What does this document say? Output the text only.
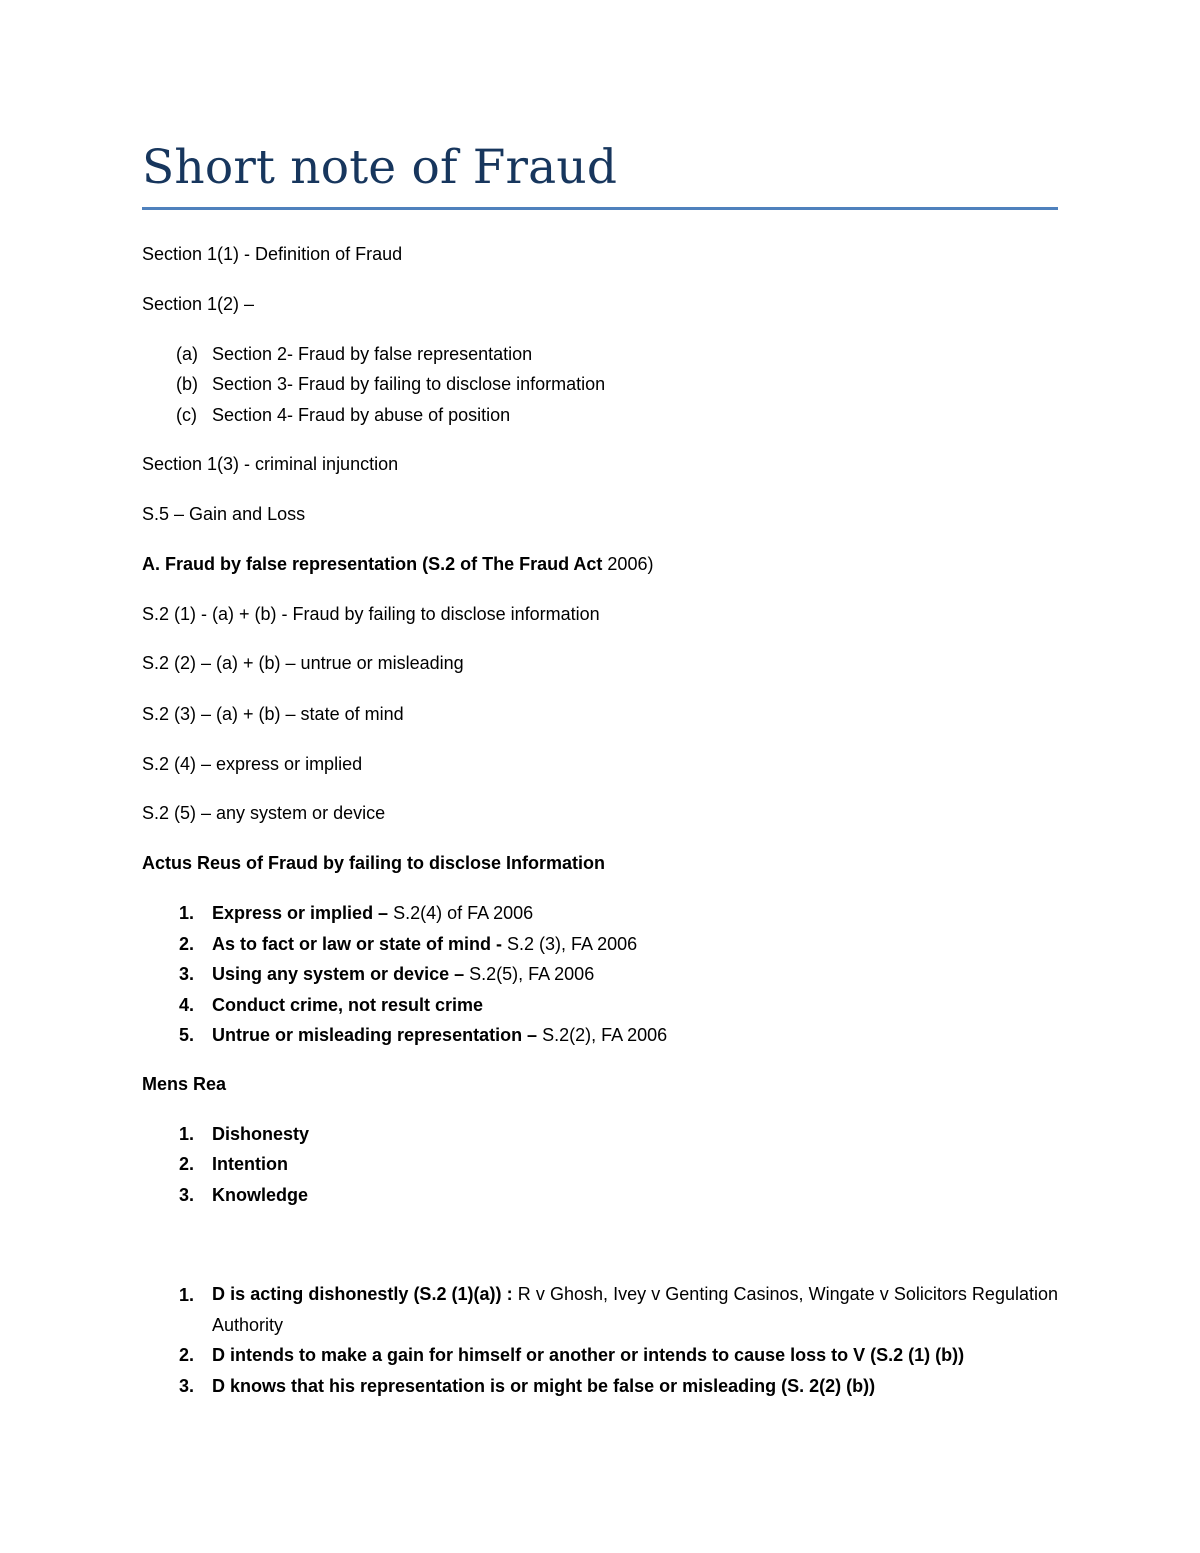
Short note of Fraud
Section 1(1) - Definition of Fraud
Section 1(2) –
(a) Section 2- Fraud by false representation
(b) Section 3- Fraud by failing to disclose information
(c) Section 4- Fraud by abuse of position
Section 1(3) - criminal injunction
S.5 – Gain and Loss
A. Fraud by false representation (S.2 of The Fraud Act 2006)
S.2 (1) - (a) + (b) - Fraud by failing to disclose information
S.2 (2) – (a) + (b) – untrue or misleading
S.2 (3) – (a) + (b) – state of mind
S.2 (4) – express or implied
S.2 (5) – any system or device
Actus Reus of Fraud by failing to disclose Information
1. Express or implied – S.2(4) of FA 2006
2. As to fact or law or state of mind - S.2 (3), FA 2006
3. Using any system or device – S.2(5), FA 2006
4. Conduct crime, not result crime
5. Untrue or misleading representation – S.2(2), FA 2006
Mens Rea
1. Dishonesty
2. Intention
3. Knowledge
1. D is acting dishonestly (S.2 (1)(a)) : R v Ghosh, Ivey v Genting Casinos, Wingate v Solicitors Regulation Authority
2. D intends to make a gain for himself or another or intends to cause loss to V (S.2 (1) (b))
3. D knows that his representation is or might be false or misleading (S. 2(2) (b))
